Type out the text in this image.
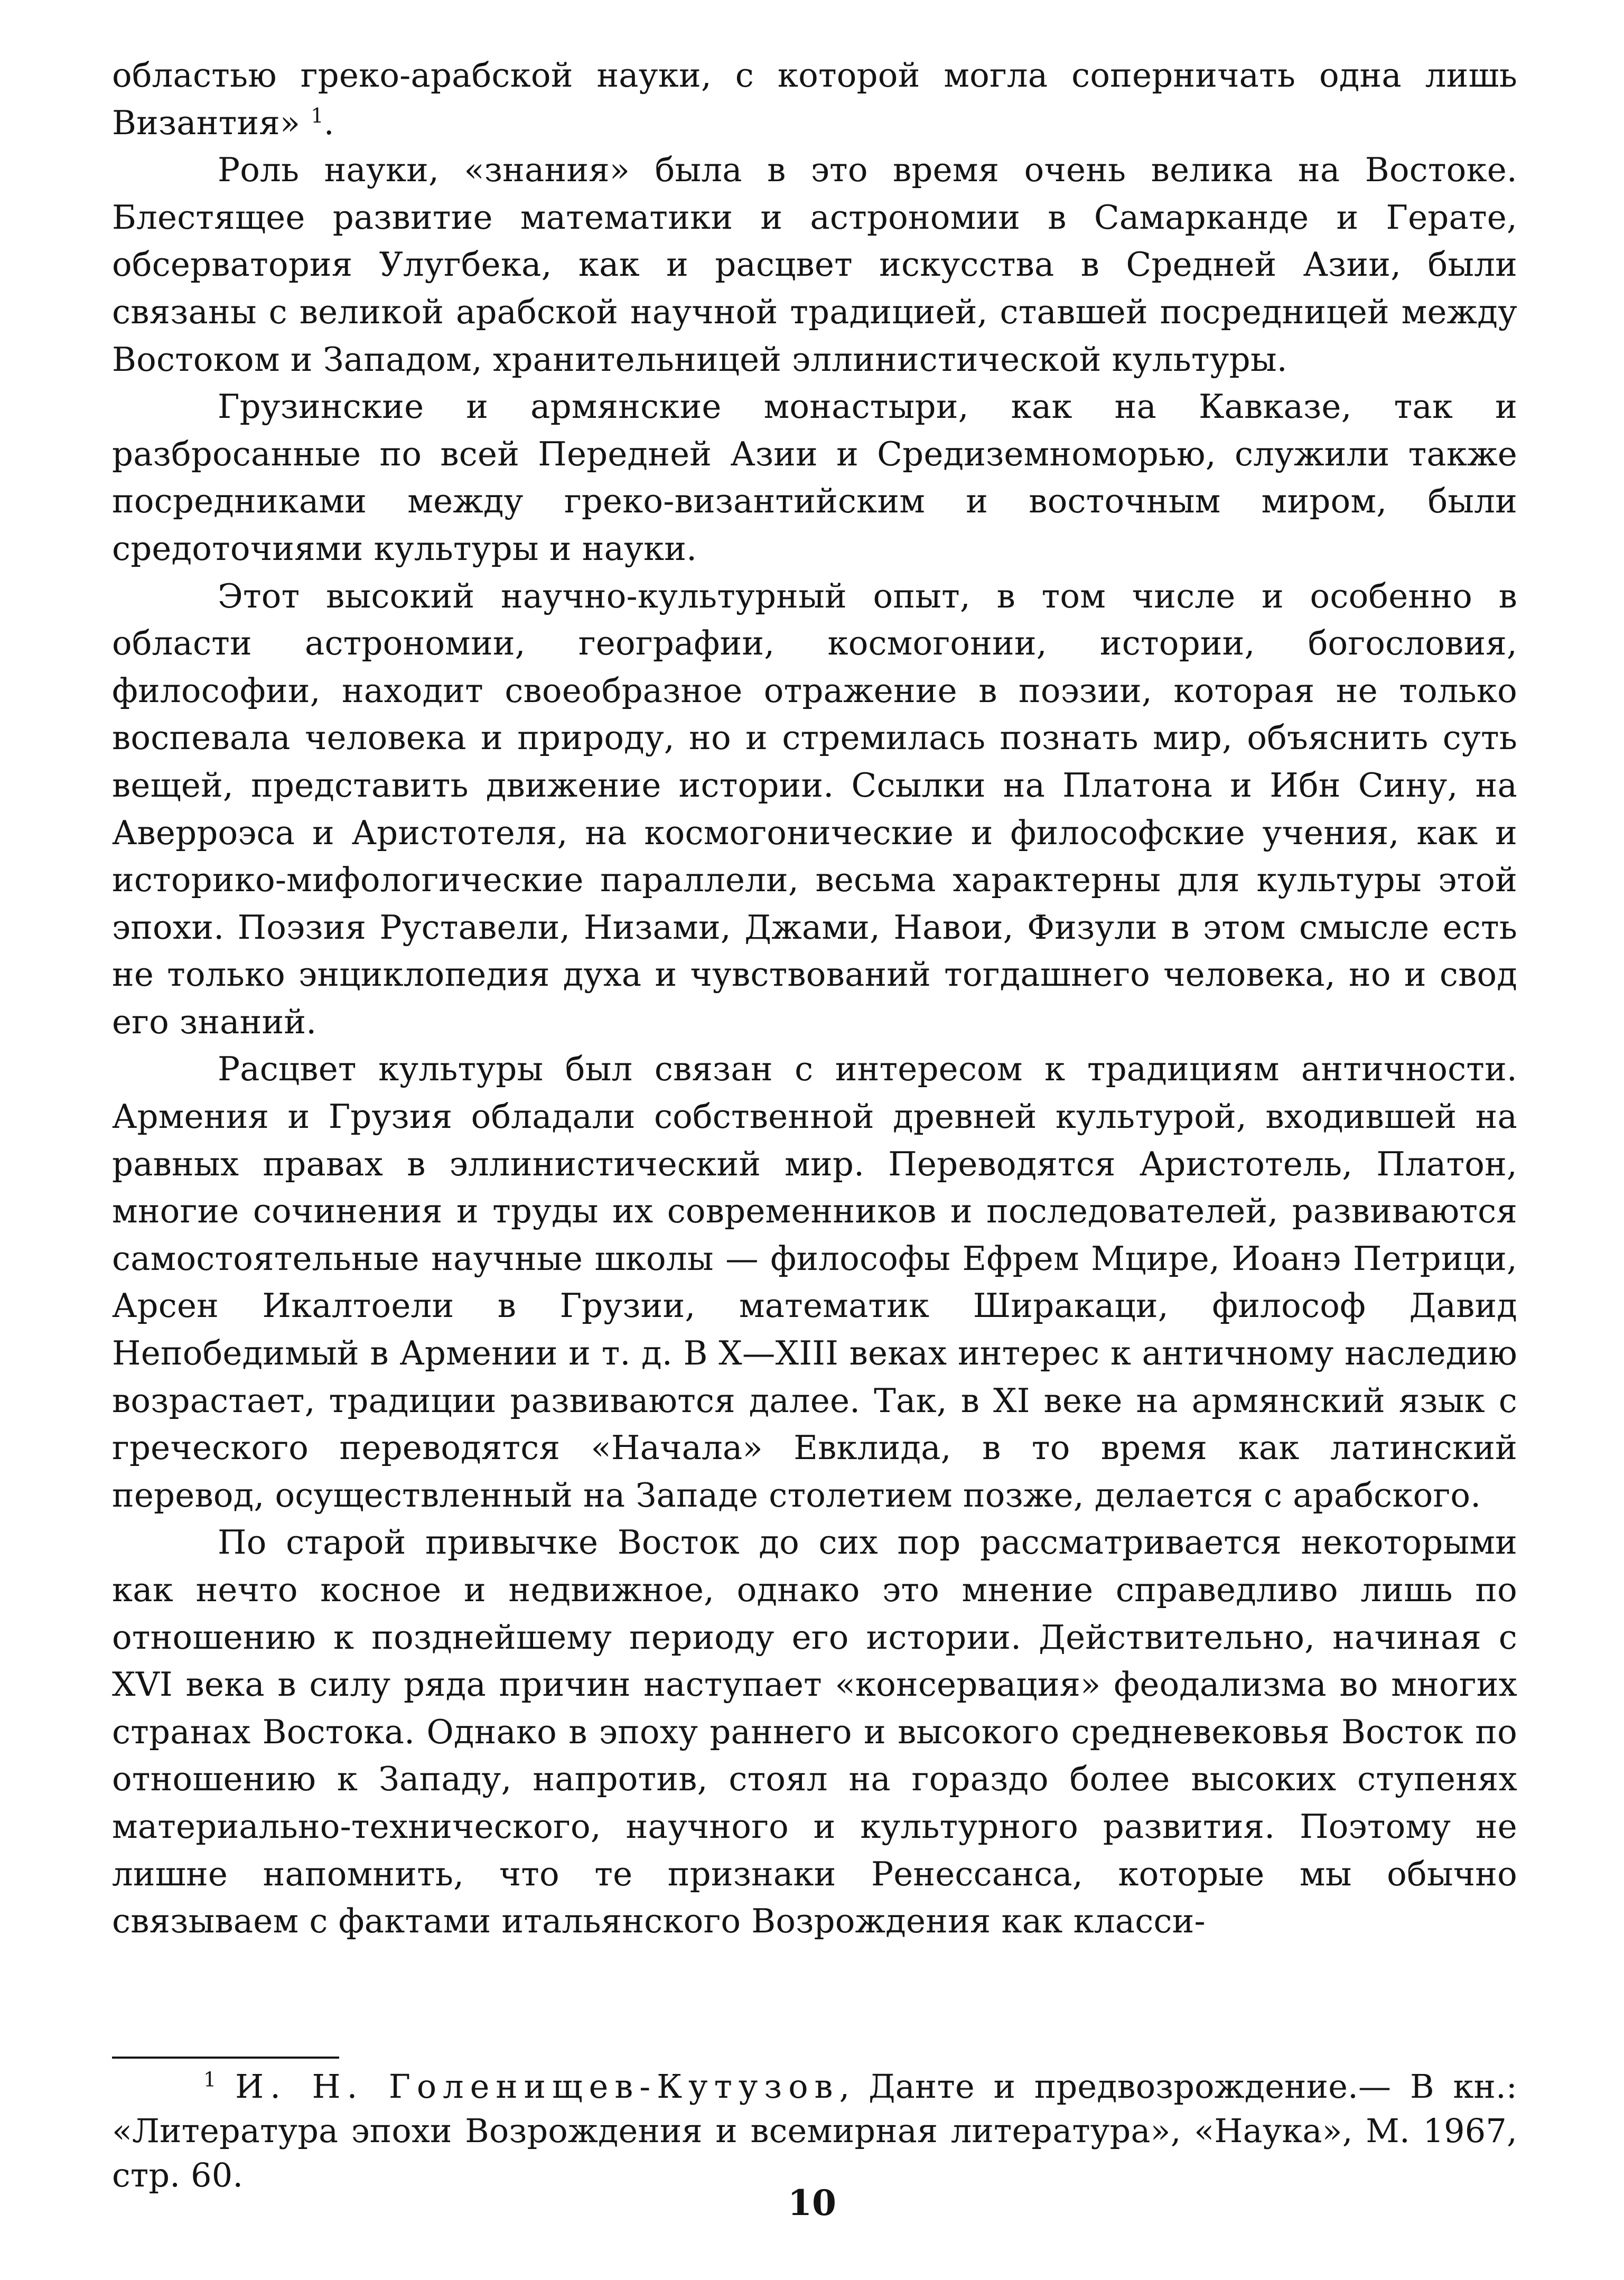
областью греко-арабской науки, с которой могла соперничать одна лишь Византия» $^1$.

Роль науки, «знания» была в это время очень велика на Востоке. Блестящее развитие математики и астрономии в Самарканде и Герате, обсерватория Улугбека, как и расцвет искусства в Средней Азии, были связаны с великой арабской научной традицией, ставшей посредницей между Востоком и Западом, хранительницей эллинистической культуры.

Грузинские и армянские монастыри, как на Кавказе, так и разбросанные по всей Передней Азии и Средиземноморью, служили также посредниками между греко-византийским и восточным миром, были средоточиями культуры и науки.

Этот высокий научно-культурный опыт, в том числе и особенно в области астрономии, географии, космогонии, истории, богословия, философии, находит своеобразное отражение в поэзии, которая не только воспевала человека и природу, но и стремилась познать мир, объяснить суть вещей, представить движение истории. Ссылки на Платона и Ибн Сину, на Аверроэса и Аристотеля, на космогонические и философские учения, как и историко-мифологические параллели, весьма характерны для культуры этой эпохи. Поэзия Руставели, Низами, Джами, Навои, Физули в этом смысле есть не только энциклопедия духа и чувствований тогдашнего человека, но и свод его знаний.

Расцвет культуры был связан с интересом к традициям античности. Армения и Грузия обладали собственной древней культурой, входившей на равных правах в эллинистический мир. Переводятся Аристотель, Платон, многие сочинения и труды их современников и последователей, развиваются самостоятельные научные школы — философы Ефрем Мцире, Иоанэ Петрици, Арсен Икалтоели в Грузии, математик Ширакаци, философ Давид Непобедимый в Армении и т. д. В X—XIII веках интерес к античному наследию возрастает, традиции развиваются далее. Так, в XI веке на армянский язык с греческого переводятся «Начала» Евклида, в то время как латинский перевод, осуществленный на Западе столетием позже, делается с арабского.

По старой привычке Восток до сих пор рассматривается некоторыми как нечто косное и недвижное, однако это мнение справедливо лишь по отношению к позднейшему периоду его истории. Действительно, начиная с XVI века в силу ряда причин наступает «консервация» феодализма во многих странах Востока. Однако в эпоху раннего и высокого средневековья Восток по отношению к Западу, напротив, стоял на гораздо более высоких ступенях материально-технического, научного и культурного развития. Поэтому не лишне напомнить, что те признаки Ренессанса, которые мы обычно связываем с фактами итальянского Возрождения как класси-

$^1$ И. Н. Голенищев-Кутузов, Данте и предвозрождение.— В кн.: «Литература эпохи Возрождения и всемирная литература», «Наука», М. 1967, стр. 60.
10
